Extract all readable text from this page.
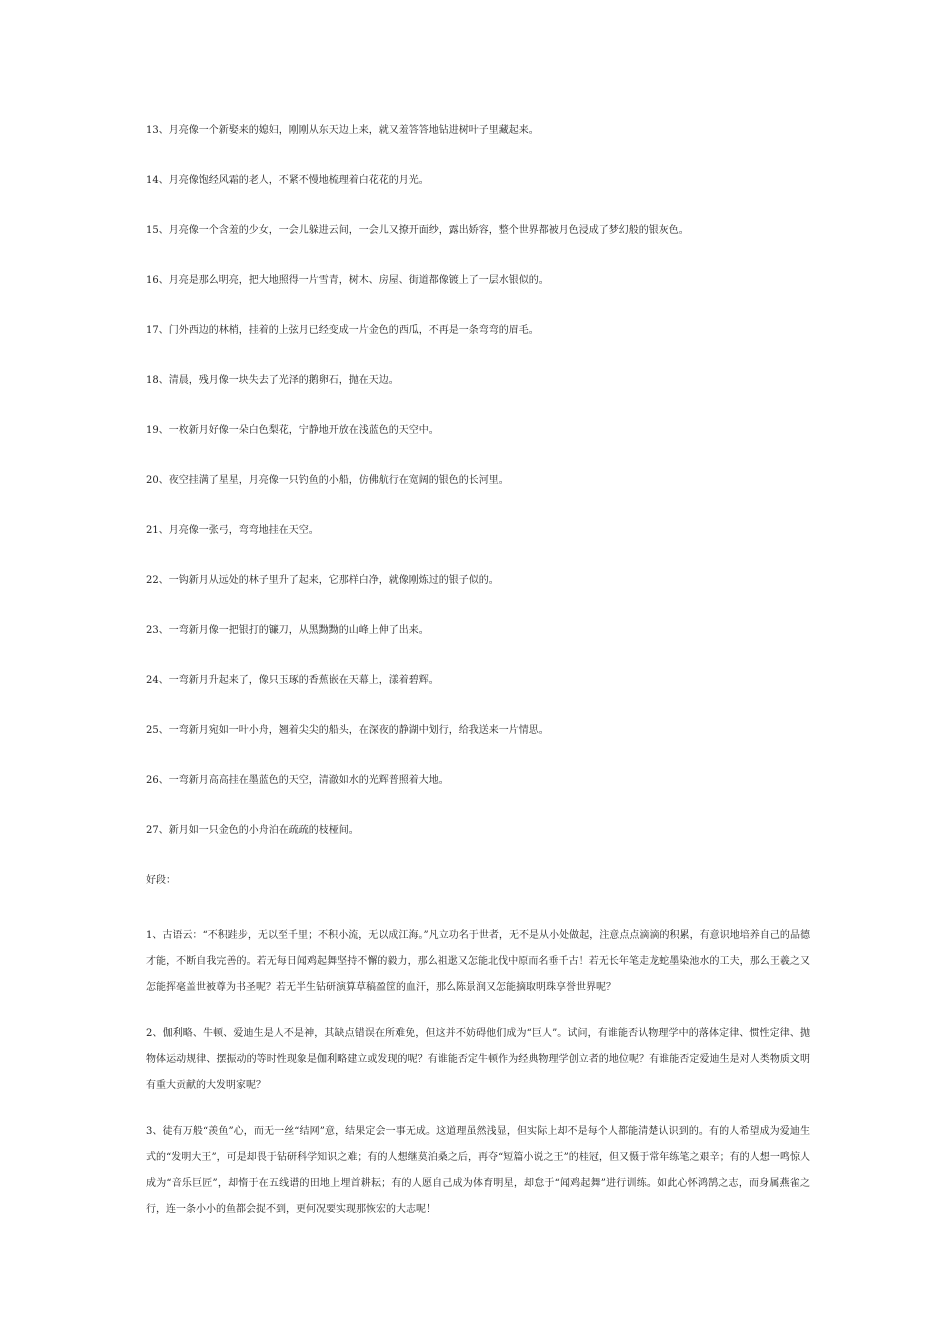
13、月亮像一个新娶来的媳妇，刚刚从东天边上来，就又羞答答地钻进树叶子里藏起来。
14、月亮像饱经风霜的老人，不紧不慢地梳理着白花花的月光。
15、月亮像一个含羞的少女，一会儿躲进云间，一会儿又撩开面纱，露出娇容，整个世界都被月色浸成了梦幻般的银灰色。
16、月亮是那么明亮，把大地照得一片雪青，树木、房屋、街道都像镀上了一层水银似的。
17、门外西边的林梢，挂着的上弦月已经变成一片金色的西瓜，不再是一条弯弯的眉毛。
18、清晨，残月像一块失去了光泽的鹅卵石，抛在天边。
19、一枚新月好像一朵白色梨花，宁静地开放在浅蓝色的天空中。
20、夜空挂满了星星，月亮像一只钓鱼的小船，仿佛航行在宽阔的银色的长河里。
21、月亮像一张弓，弯弯地挂在天空。
22、一钩新月从远处的林子里升了起来，它那样白净，就像刚炼过的银子似的。
23、一弯新月像一把银打的镰刀，从黑黝黝的山峰上伸了出来。
24、一弯新月升起来了，像只玉琢的香蕉嵌在天幕上，漾着碧辉。
25、一弯新月宛如一叶小舟，翘着尖尖的船头，在深夜的静湖中划行，给我送来一片情思。
26、一弯新月高高挂在墨蓝色的天空，清澈如水的光辉普照着大地。
27、新月如一只金色的小舟泊在疏疏的枝桠间。
好段：
1、古语云：“不积跬步，无以至千里；不积小流，无以成江海。”凡立功名于世者，无不是从小处做起，注意点点滴滴的积累，有意识地培养自己的品德才能，不断自我完善的。若无每日闻鸡起舞坚持不懈的毅力，那么祖逖又怎能北伐中原而名垂千古！若无长年笔走龙蛇墨染池水的工夫，那么王羲之又怎能挥毫盖世被尊为书圣呢？若无半生钻研演算草稿盈筐的血汗，那么陈景润又怎能摘取明珠享誉世界呢？
2、伽利略、牛顿、爱迪生是人不是神，其缺点错误在所难免，但这并不妨碍他们成为“巨人”。试问，有谁能否认物理学中的落体定律、惯性定律、抛物体运动规律、摆振动的等时性现象是伽利略建立或发现的呢？有谁能否定牛顿作为经典物理学创立者的地位呢？有谁能否定爱迪生是对人类物质文明有重大贡献的大发明家呢？
3、徒有万般“羡鱼”心，而无一丝“结网”意，结果定会一事无成。这道理虽然浅显，但实际上却不是每个人都能清楚认识到的。有的人希望成为爱迪生式的“发明大王”，可是却畏于钻研科学知识之难；有的人想继莫泊桑之后，再夺“短篇小说之王”的桂冠，但又慑于常年练笔之艰辛；有的人想一鸣惊人成为“音乐巨匠”，却惰于在五线谱的田地上埋首耕耘；有的人愿自己成为体育明星，却怠于“闻鸡起舞”进行训练。如此心怀鸿鹄之志，而身属燕雀之行，连一条小小的鱼都会捉不到，更何况要实现那恢宏的大志呢！
